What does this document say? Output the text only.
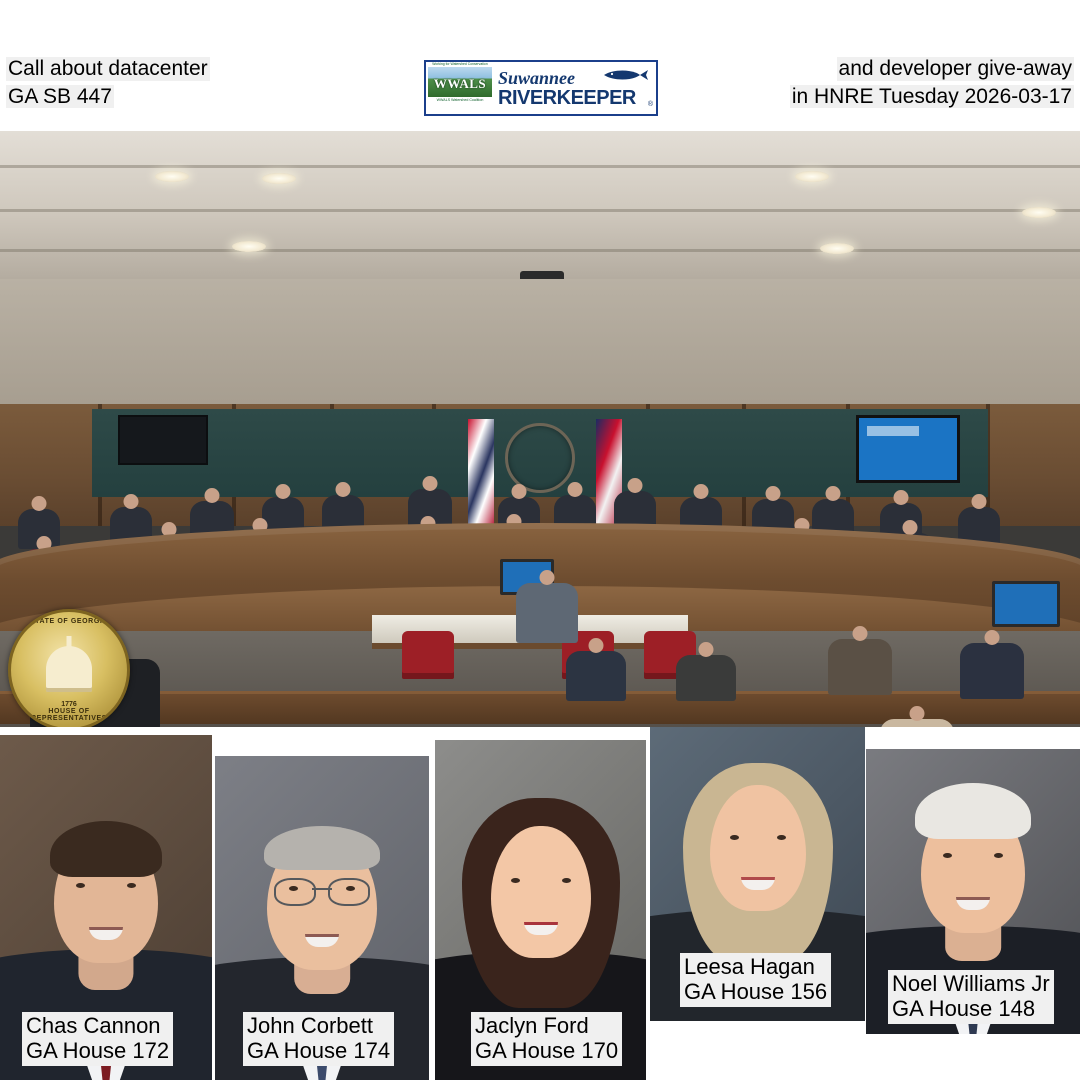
Call about datacenter
GA SB 447
Working for Watershed Conservation
WWALS
WWALS Watershed Coalition
Suwannee
RIVERKEEPER	®
and developer give-away
in HNRE Tuesday 2026-03-17
STATE OF GEORGIA
1776
HOUSE OF REPRESENTATIVES
Chas Cannon
GA House 172
John Corbett
GA House 174
Jaclyn Ford
GA House 170
Leesa Hagan
GA House 156	Noel Williams Jr
GA House 148
